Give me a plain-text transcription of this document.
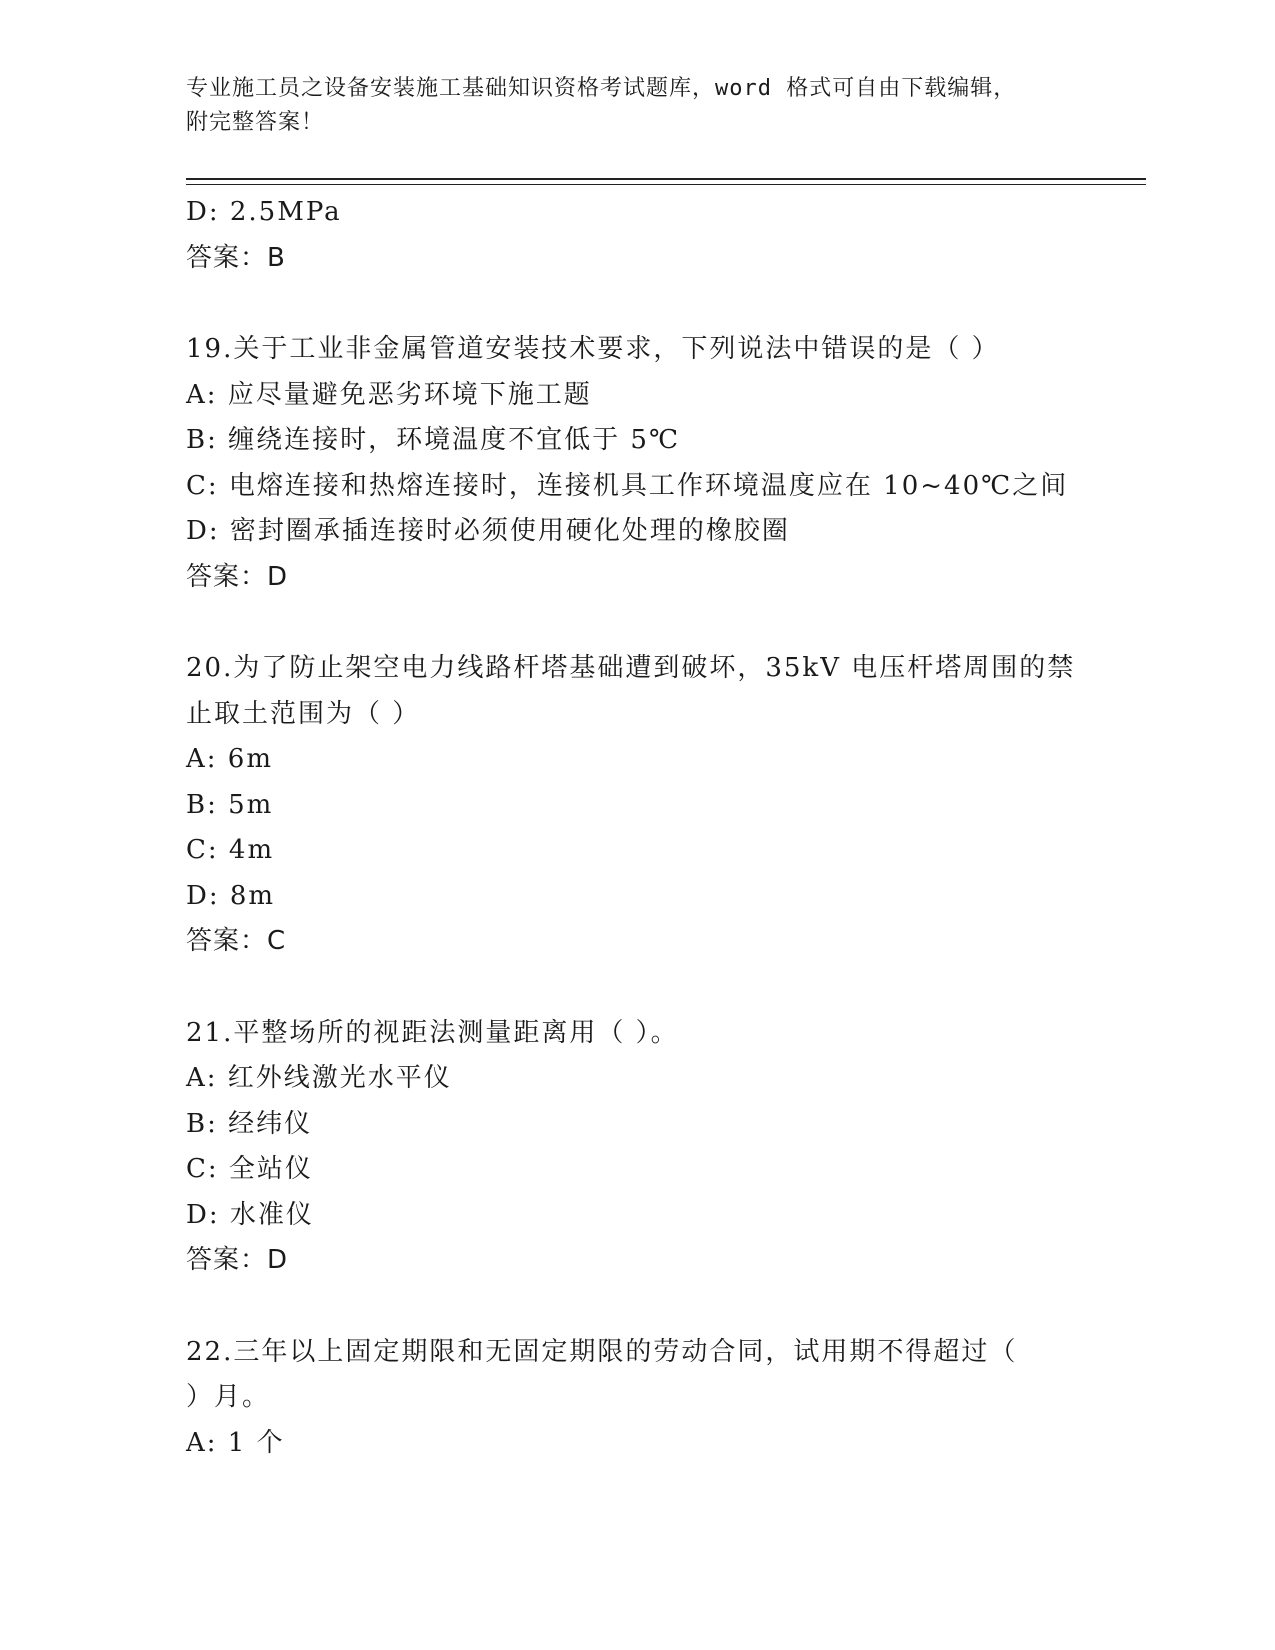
专业施工员之设备安装施工基础知识资格考试题库，word 格式可自由下载编辑，
附完整答案！
D: 2.5MPa
答案：B
19.关于工业非金属管道安装技术要求，下列说法中错误的是（ ）
A: 应尽量避免恶劣环境下施工题
B: 缠绕连接时，环境温度不宜低于 5℃
C: 电熔连接和热熔连接时，连接机具工作环境温度应在 10~40℃之间
D: 密封圈承插连接时必须使用硬化处理的橡胶圈
答案：D
20.为了防止架空电力线路杆塔基础遭到破坏，35kV 电压杆塔周围的禁
止取土范围为（ ）
A: 6m
B: 5m
C: 4m
D: 8m
答案：C
21.平整场所的视距法测量距离用（ ）。
A: 红外线激光水平仪
B: 经纬仪
C: 全站仪
D: 水准仪
答案：D
22.三年以上固定期限和无固定期限的劳动合同，试用期不得超过（
）月。
A: 1 个
